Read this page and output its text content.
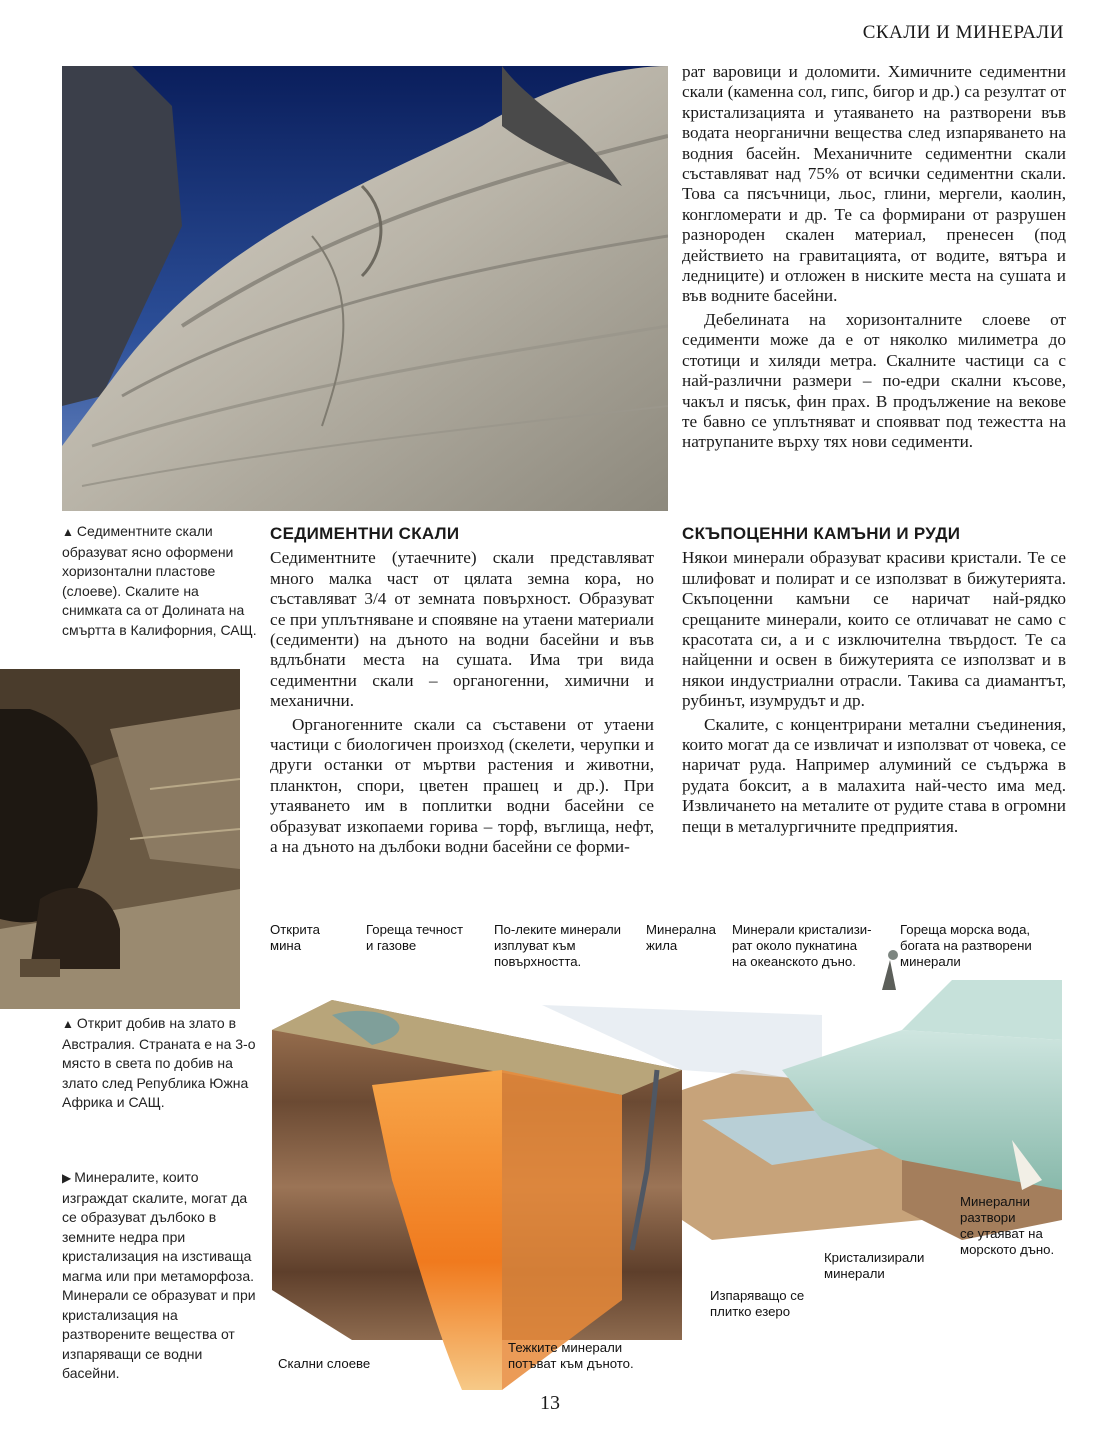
СКАЛИ И МИНЕРАЛИ
▲ Седиментните скали образуват ясно оформени хоризонтални пластове (слоеве). Скалите на снимката са от Долината на смъртта в Калифорния, САЩ.
▲ Открит добив на злато в Австралия. Страната е на 3-о място в света по добив на злато след Република Южна Африка и САЩ.
▶ Минералите, които изграждат скалите, могат да се образуват дълбоко в земните недра при кристализация на изстиваща магма или при метаморфоза. Минерали се образуват и при кристализация на разтворените вещества от изпаряващи се водни басейни.

рат варовици и доломити. Химичните седиментни скали (каменна сол, гипс, бигор и др.) са резултат от кристализацията и утаяването на разтворени във водата неорганични вещества след изпаряването на водния басейн. Механичните седиментни скали съставляват над 75% от всички седиментни скали. Това са пясъчници, льос, глини, мергели, каолин, конгломерати и др. Те са формирани от разрушен разнороден скален материал, пренесен (под действието на гравитацията, от водите, вятъра и ледниците) и отложен в ниските места на сушата и във водните басейни.

Дебелината на хоризонталните слоеве от седименти може да е от няколко милиметра до стотици и хиляди метра. Скалните частици са с най-различни размери – по-едри скални късове, чакъл и пясък, фин прах. В продължение на векове те бавно се уплътняват и споявват под тежестта на натрупаните върху тях нови седименти.

СЕДИМЕНТНИ СКАЛИ

Седиментните (утаечните) скали представляват много малка част от цялата земна кора, но съставляват 3/4 от земната повърхност. Образуват се при уплътняване и споявяне на утаени материали (седименти) на дъното на водни басейни и във вдлъбнати места на сушата. Има три вида седиментни скали – органогенни, химични и механични.

Органогенните скали са съставени от утаени частици с биологичен произход (скелети, черупки и други останки от мъртви растения и животни, планктон, спори, цветен прашец и др.). При утаяването им в поплитки водни басейни се образуват изкопаеми горива – торф, въглища, нефт, а на дъното на дълбоки водни басейни се форми-

СКЪПОЦЕННИ КАМЪНИ И РУДИ

Някои минерали образуват красиви кристали. Те се шлифоват и полират и се използват в бижутерията. Скъпоценни камъни се наричат най-рядко срещаните минерали, които се отличават не само с красотата си, а и с изключителна твърдост. Те са найценни и освен в бижутерията се използват и в някои индустриални отрасли. Такива са диамантът, рубинът, изумрудът и др.

Скалите, с концентрирани метални съединения, които могат да се извличат и използват от човека, се наричат руда. Например алуминий се съдържа в рудата боксит, а в малахита най-често има мед. Извличането на металите от рудите става в огромни пещи в металургичните предприятия.

Открита
мина
Гореща течност
и газове
По-леките минерали
изплуват към
повърхността.
Минерална
жила
Минерали кристализи-
рат около пукнатина
на океанското дъно.
Гореща морска вода,
богата на разтворени
минерали
Минерални
разтвори
се утаяват на
морското дъно.
Кристализирали
минерали
Изпаряващо се
плитко езеро
Скални слоеве
Тежките минерали
потъват към дъното.
13
